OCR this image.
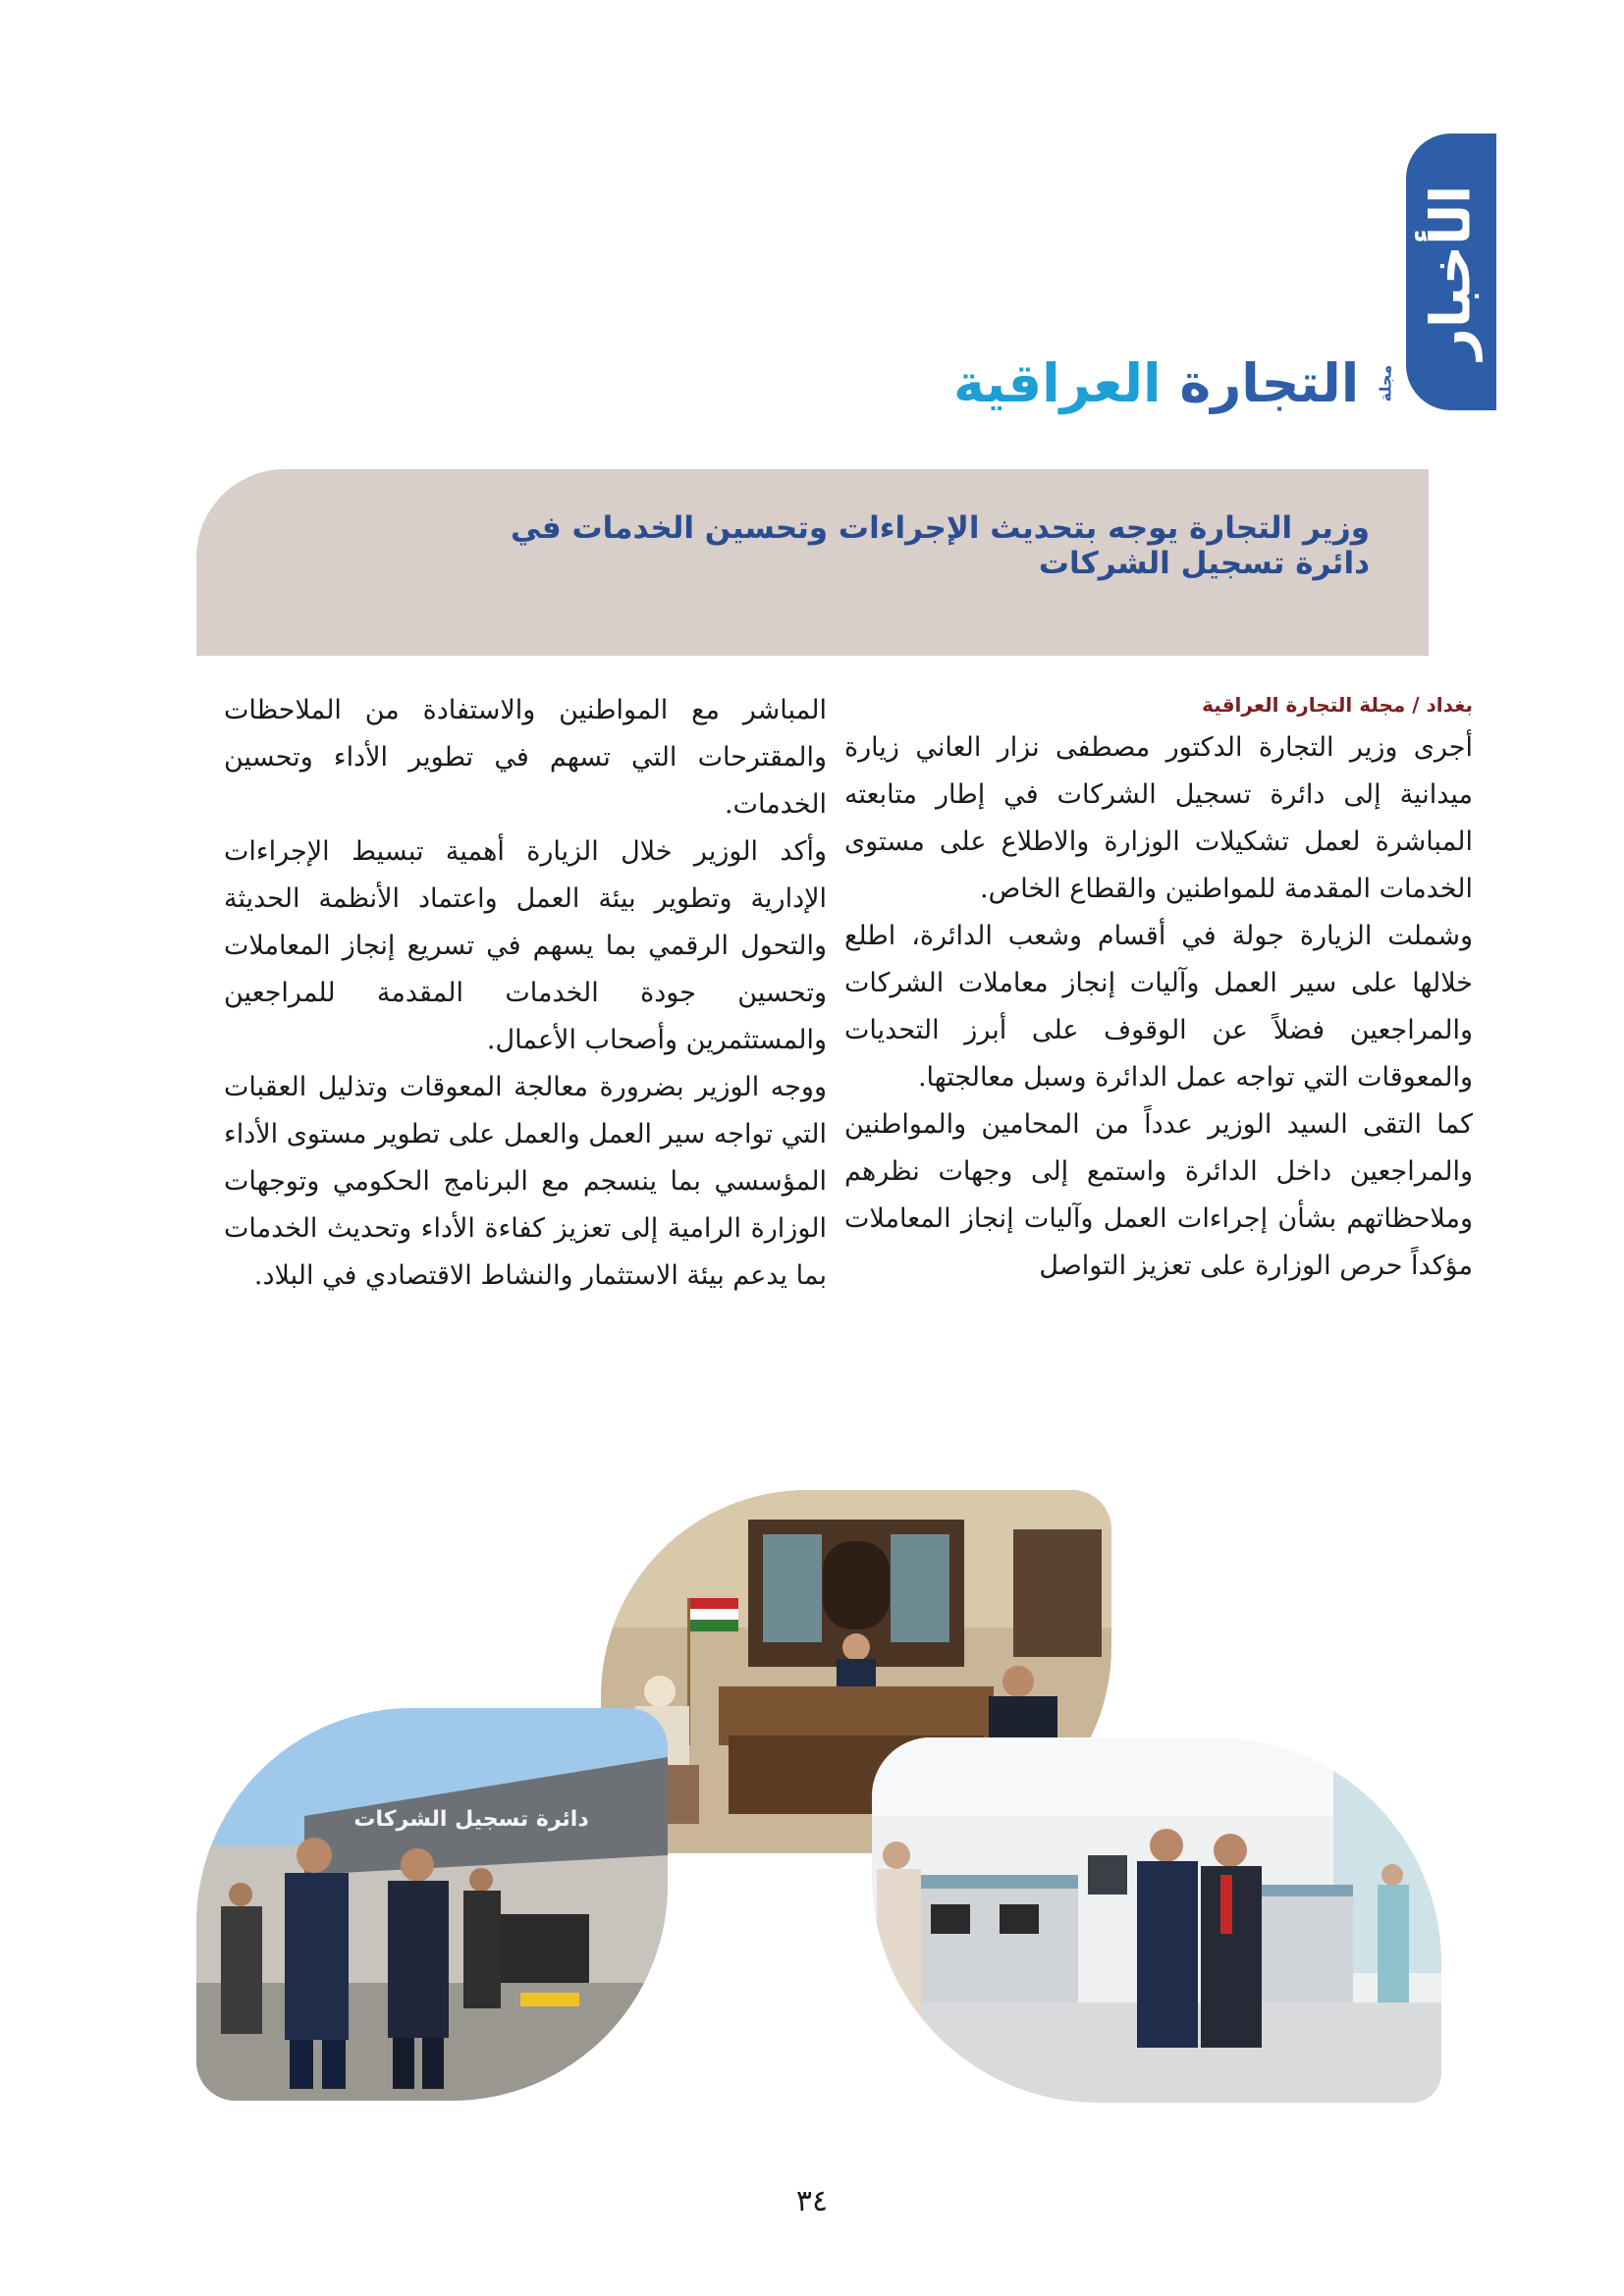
الأخبار
التجارة العراقية	مجلة
وزير التجارة يوجه بتحديث الإجراءات وتحسين الخدمات في دائرة تسجيل الشركات
بغداد / مجلة التجارة العراقية

أجرى وزير التجارة الدكتور مصطفى نزار العاني زيارة ميدانية إلى دائرة تسجيل الشركات في إطار متابعته المباشرة لعمل تشكيلات الوزارة والاطلاع على مستوى الخدمات المقدمة للمواطنين والقطاع الخاص.

وشملت الزيارة جولة في أقسام وشعب الدائرة، اطلع خلالها على سير العمل وآليات إنجاز معاملات الشركات والمراجعين فضلاً عن الوقوف على أبرز التحديات والمعوقات التي تواجه عمل الدائرة وسبل معالجتها.

كما التقى السيد الوزير عدداً من المحامين والمواطنين والمراجعين داخل الدائرة واستمع إلى وجهات نظرهم وملاحظاتهم بشأن إجراءات العمل وآليات إنجاز المعاملات مؤكداً حرص الوزارة على تعزيز التواصل

المباشر مع المواطنين والاستفادة من الملاحظات والمقترحات التي تسهم في تطوير الأداء وتحسين الخدمات.

وأكد الوزير خلال الزيارة أهمية تبسيط الإجراءات الإدارية وتطوير بيئة العمل واعتماد الأنظمة الحديثة والتحول الرقمي بما يسهم في تسريع إنجاز المعاملات وتحسين جودة الخدمات المقدمة للمراجعين والمستثمرين وأصحاب الأعمال.

ووجه الوزير بضرورة معالجة المعوقات وتذليل العقبات التي تواجه سير العمل والعمل على تطوير مستوى الأداء المؤسسي بما ينسجم مع البرنامج الحكومي وتوجهات الوزارة الرامية إلى تعزيز كفاءة الأداء وتحديث الخدمات بما يدعم بيئة الاستثمار والنشاط الاقتصادي في البلاد.

دائرة تسجيل الشركات
٣٤
